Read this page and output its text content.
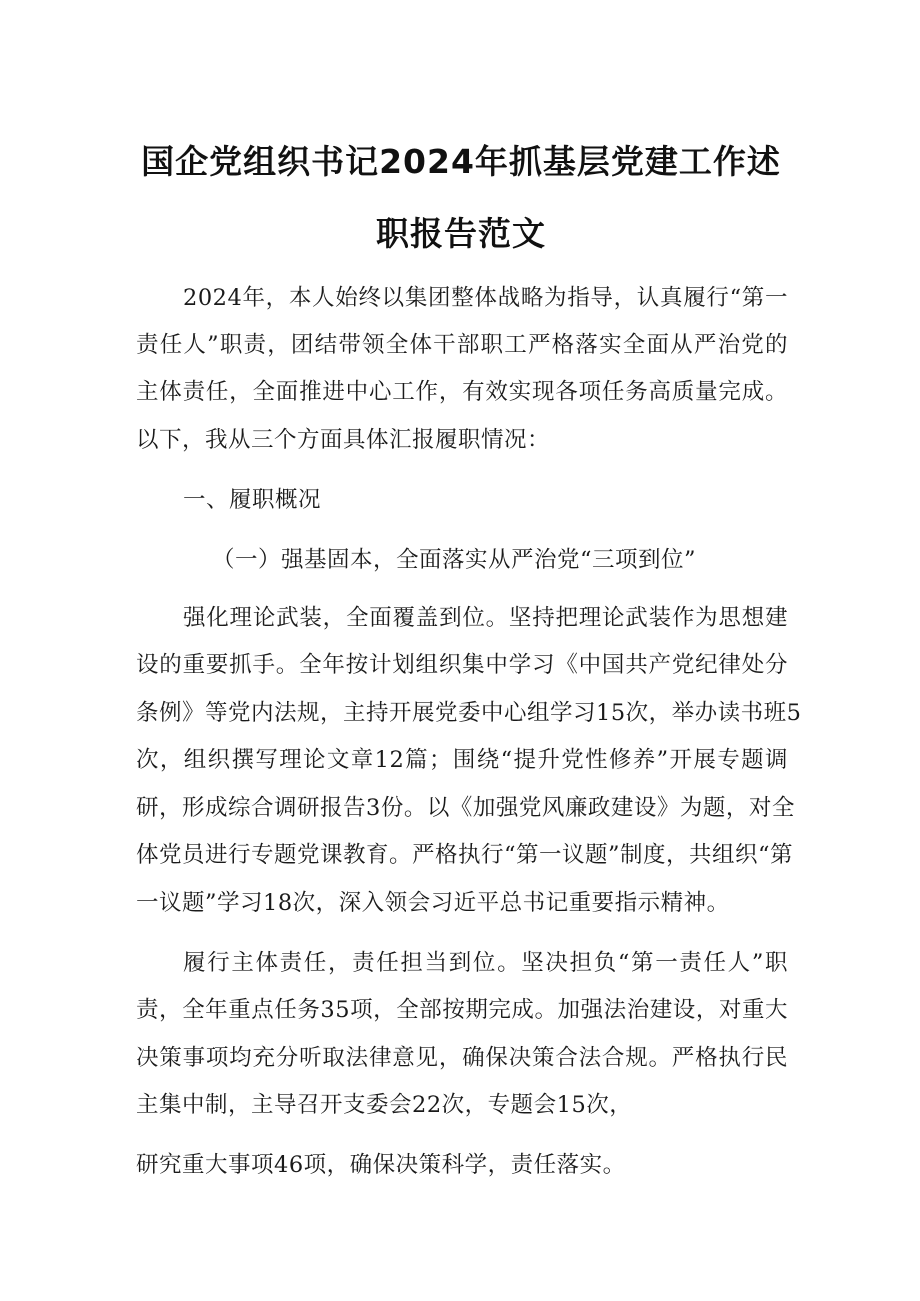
国企党组织书记2024年抓基层党建工作述
职报告范文
2024年，本人始终以集团整体战略为指导，认真履行“第一
责任人”职责，团结带领全体干部职工严格落实全面从严治党的
主体责任，全面推进中心工作，有效实现各项任务高质量完成。
以下，我从三个方面具体汇报履职情况：
一、履职概况
（一）强基固本，全面落实从严治党“三项到位”
强化理论武装，全面覆盖到位。坚持把理论武装作为思想建
设的重要抓手。全年按计划组织集中学习《中国共产党纪律处分
条例》等党内法规，主持开展党委中心组学习15次，举办读书班5
次，组织撰写理论文章12篇；围绕“提升党性修养”开展专题调
研，形成综合调研报告3份。以《加强党风廉政建设》为题，对全
体党员进行专题党课教育。严格执行“第一议题”制度，共组织“第
一议题”学习18次，深入领会习近平总书记重要指示精神。
履行主体责任，责任担当到位。坚决担负“第一责任人”职
责，全年重点任务35项，全部按期完成。加强法治建设，对重大
决策事项均充分听取法律意见，确保决策合法合规。严格执行民
主集中制，主导召开支委会22次，专题会15次，
研究重大事项46项，确保决策科学，责任落实。
